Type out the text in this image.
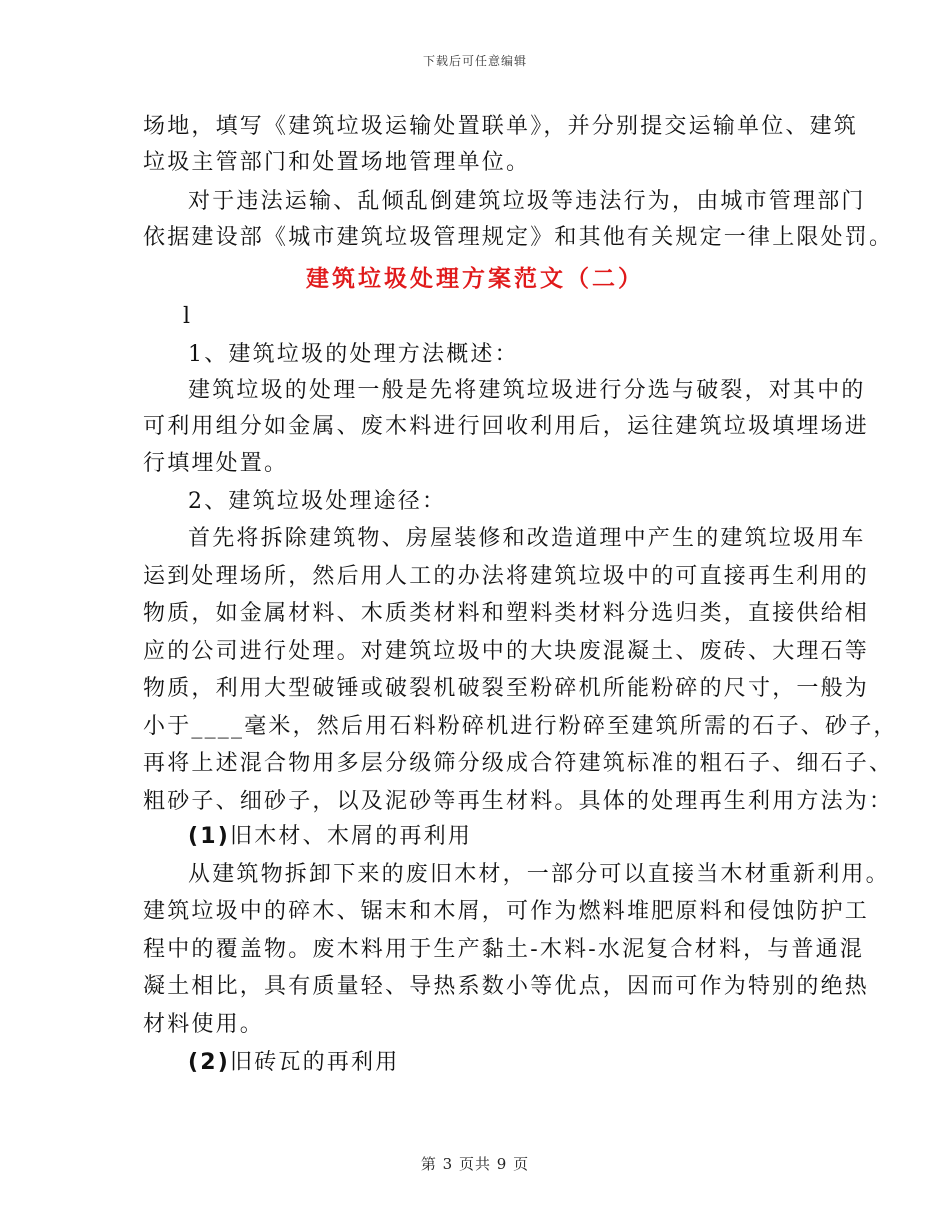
下载后可任意编辑
场地，填写《建筑垃圾运输处置联单》，并分别提交运输单位、建筑
垃圾主管部门和处置场地管理单位。
对于违法运输、乱倾乱倒建筑垃圾等违法行为，由城市管理部门
依据建设部《城市建筑垃圾管理规定》和其他有关规定一律上限处罚。
建筑垃圾处理方案范文（二）
l
1、建筑垃圾的处理方法概述：
建筑垃圾的处理一般是先将建筑垃圾进行分选与破裂，对其中的
可利用组分如金属、废木料进行回收利用后，运往建筑垃圾填埋场进
行填埋处置。
2、建筑垃圾处理途径：
首先将拆除建筑物、房屋装修和改造道理中产生的建筑垃圾用车
运到处理场所，然后用人工的办法将建筑垃圾中的可直接再生利用的
物质，如金属材料、木质类材料和塑料类材料分选归类，直接供给相
应的公司进行处理。对建筑垃圾中的大块废混凝土、废砖、大理石等
物质，利用大型破锤或破裂机破裂至粉碎机所能粉碎的尺寸，一般为
小于____毫米，然后用石料粉碎机进行粉碎至建筑所需的石子、砂子，
再将上述混合物用多层分级筛分级成合符建筑标准的粗石子、细石子、
粗砂子、细砂子，以及泥砂等再生材料。具体的处理再生利用方法为：
(1)旧木材、木屑的再利用
从建筑物拆卸下来的废旧木材，一部分可以直接当木材重新利用。
建筑垃圾中的碎木、锯末和木屑，可作为燃料堆肥原料和侵蚀防护工
程中的覆盖物。废木料用于生产黏土-木料-水泥复合材料，与普通混
凝土相比，具有质量轻、导热系数小等优点，因而可作为特别的绝热
材料使用。
(2)旧砖瓦的再利用
第 3 页共 9 页
